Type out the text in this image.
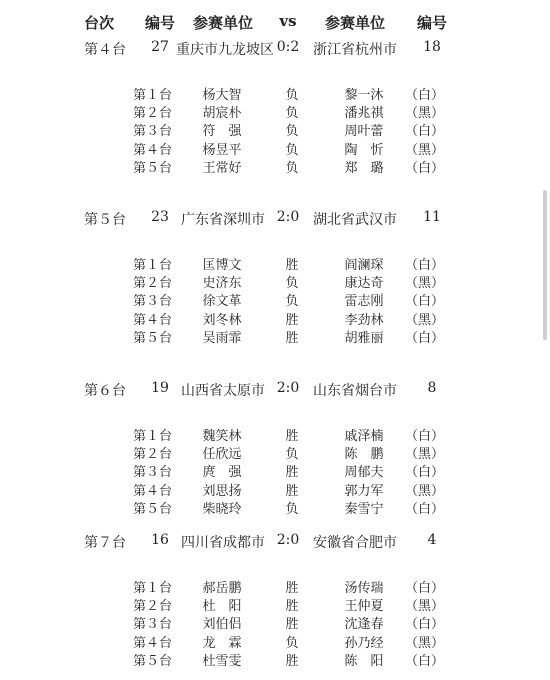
台次 编号	参赛单位	vs	参赛单位	编号
第４台 27 重庆市九龙坡区 0:2 浙江省杭州市 18
第１台	杨大智	负	黎一沐	（白）
第２台	胡宸朴	负	潘兆祺	（黑）
第３台	符　强	负	周叶蕾	（白）
第４台	杨昱平	负	陶　忻	（黑）
第５台	王常好	负	郑　璐	（白）
第５台 23 广东省深圳市 2:0 湖北省武汉市 11
第１台	匡博文	胜	阎澜琛	（白）
第２台	史济东	负	康达奇	（黑）
第３台	徐文革	负	雷志刚	（白）
第４台	刘冬林	胜	李劲林	（黑）
第５台	吴雨霏	胜	胡雅丽	（白）
第６台 19 山西省太原市 2:0 山东省烟台市	8
第１台	魏笑林	胜	戚泽楠	（白）
第２台	任欣远	负	陈　鹏	（黑）
第３台	庹　强	胜	周郁夫	（白）
第４台	刘思扬	胜	郭力军	（黑）
第５台	柴晓玲	负	秦雪宁	（白）
第７台 16 四川省成都市 2:0 安徽省合肥市	4
第１台	郝岳鹏	胜	汤传瑞	（白）
第２台	杜　阳	胜	王仲夏	（黑）
第３台	刘伯侣	胜	沈逢春	（白）
第４台	龙　霖	负	孙乃经	（黑）
第５台	杜雪雯	胜	陈　阳	（白）
